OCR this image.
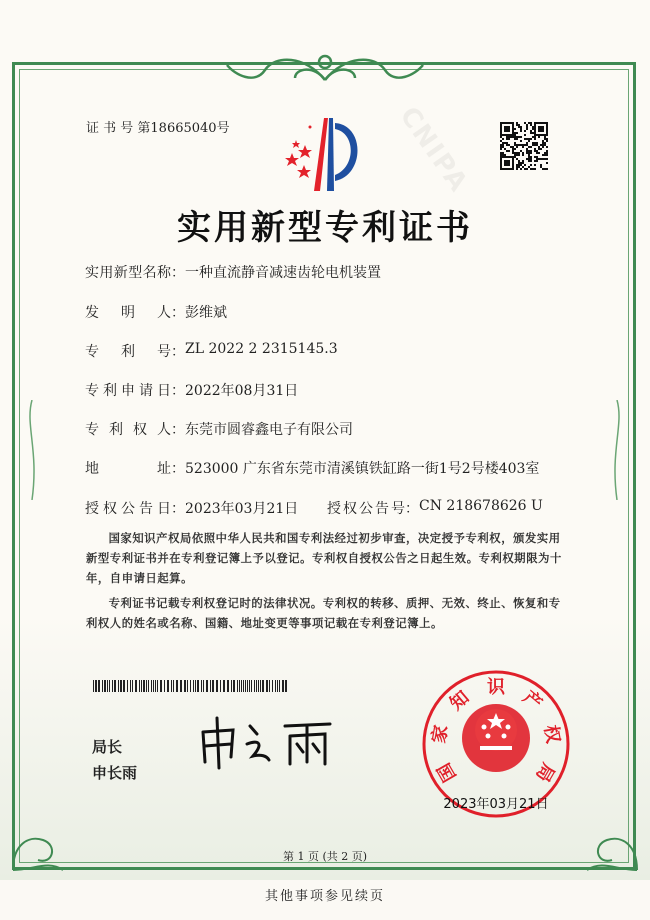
CNIPA
证 书 号 第18665040号
实用新型专利证书
实用新型名称 ： 一种直流静音减速齿轮电机装置
发明人 ： 彭维斌
专利号 ： ZL 2022 2 2315145.3
专利申请日 ： 2022年08月31日
专利权人 ： 东莞市圆睿鑫电子有限公司
地址 ： 523000 广东省东莞市清溪镇铁缸路一街1号2号楼403室
授权公告日 ： 2023年03月21日 授权公告号 ： CN 218678626 U

国家知识产权局依照中华人民共和国专利法经过初步审查，决定授予专利权，颁发实用新型专利证书并在专利登记簿上予以登记。专利权自授权公告之日起生效。专利权期限为十年，自申请日起算。

专利证书记载专利权登记时的法律状况。专利权的转移、质押、无效、终止、恢复和专利权人的姓名或名称、国籍、地址变更等事项记载在专利登记簿上。

局长
申长雨	国
家
知 识 产
权
局
2023年03月21日
第 1 页 (共 2 页)
其他事项参见续页
